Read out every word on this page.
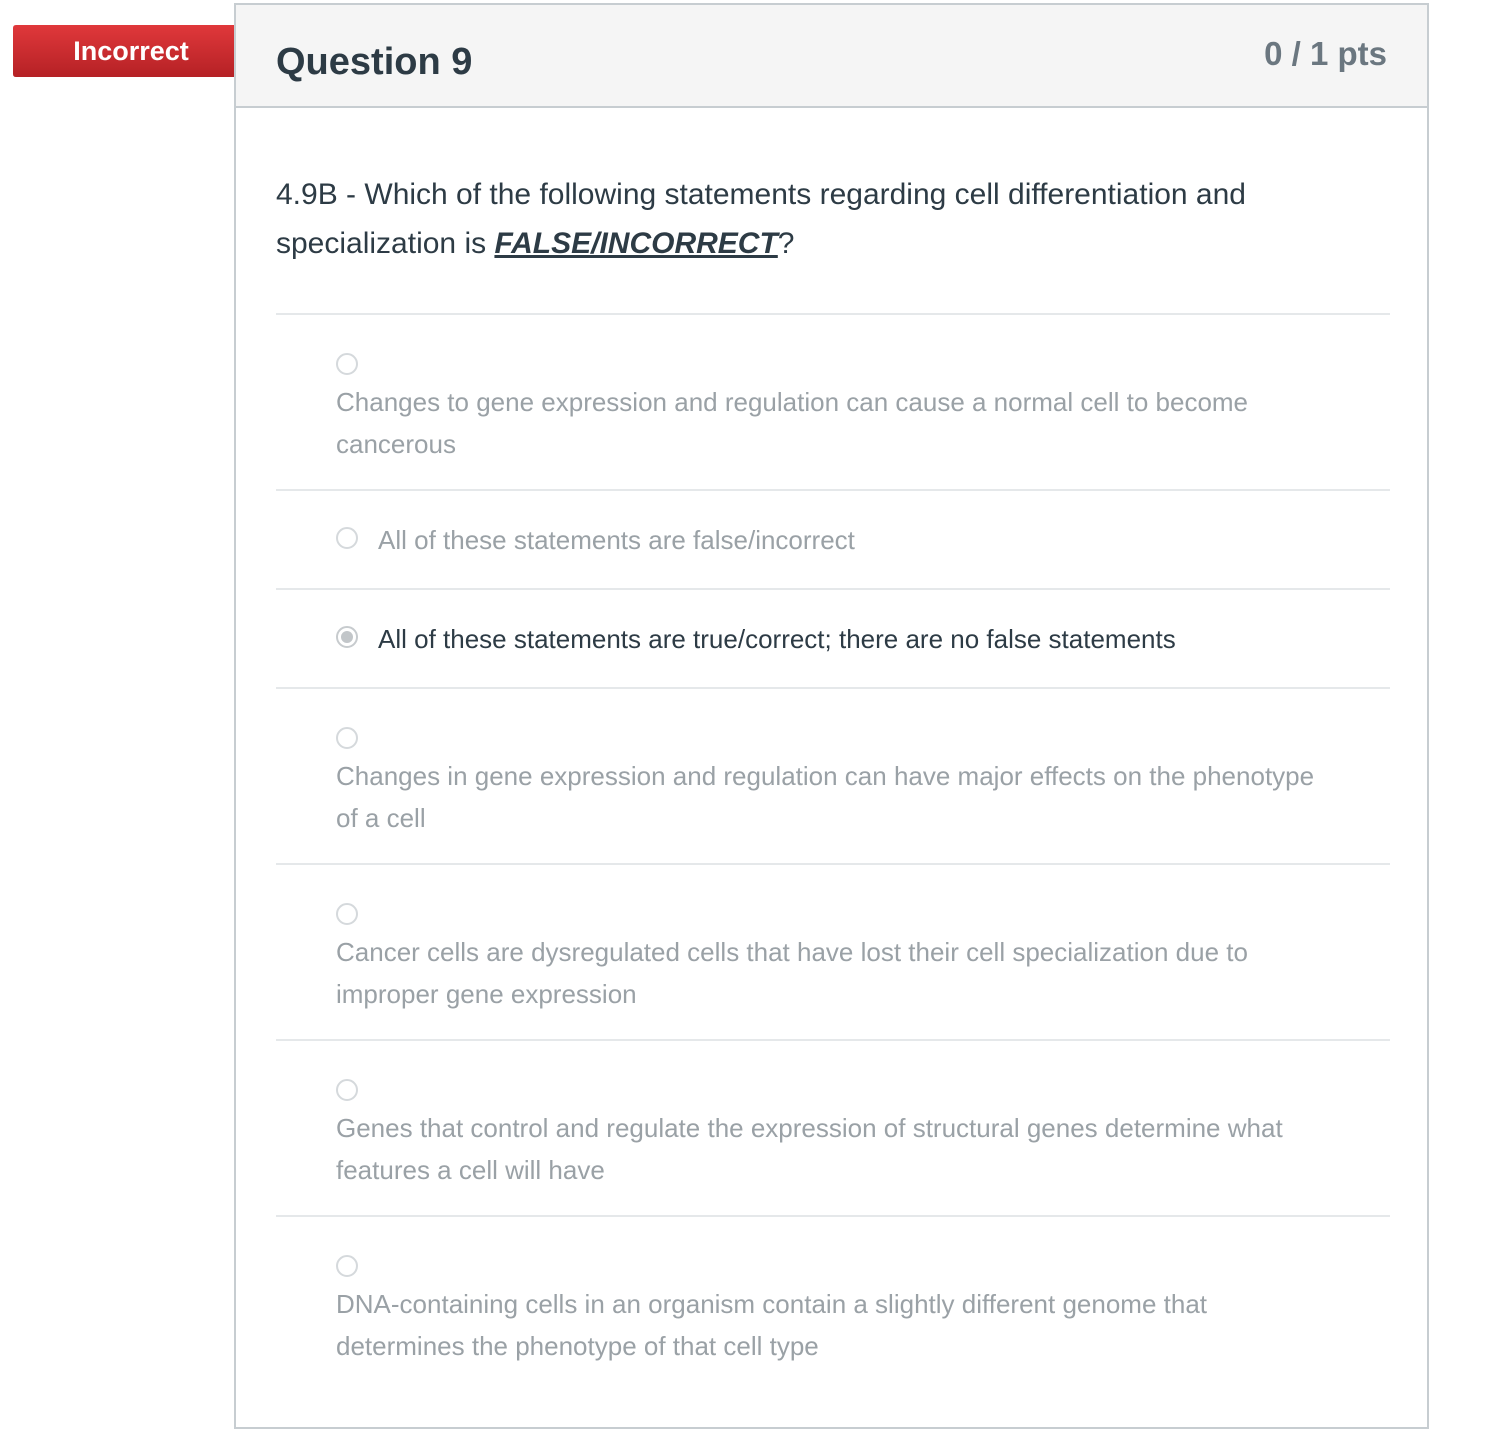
Incorrect	Question 9	0 / 1 pts
4.9B - Which of the following statements regarding cell differentiation and specialization is FALSE/INCORRECT?
Changes to gene expression and regulation can cause a normal cell to become cancerous
All of these statements are false/incorrect
All of these statements are true/correct; there are no false statements
Changes in gene expression and regulation can have major effects on the phenotype of a cell
Cancer cells are dysregulated cells that have lost their cell specialization due to improper gene expression
Genes that control and regulate the expression of structural genes determine what features a cell will have
DNA-containing cells in an organism contain a slightly different genome that determines the phenotype of that cell type
